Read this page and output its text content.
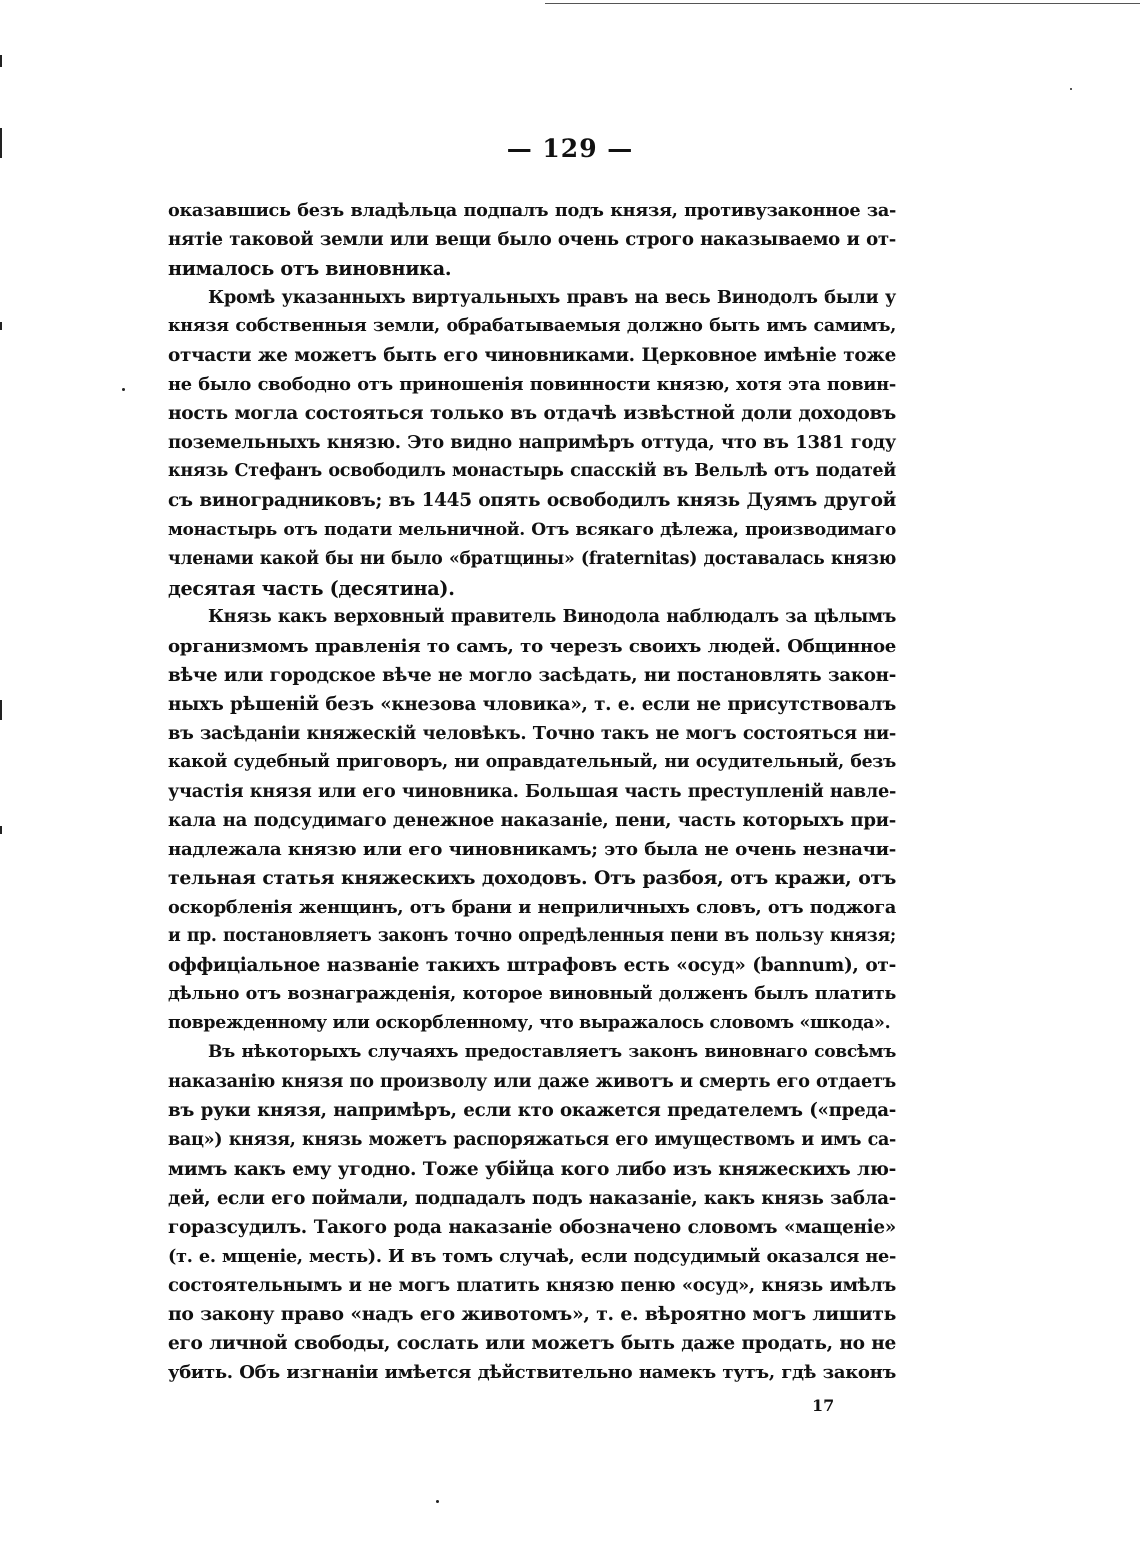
— 129 —
оказавшись безъ владѣльца подпалъ подъ князя, противузаконное за-
нятіе таковой земли или вещи было очень строго наказываемо и от-
нималось отъ виновника.
Кромѣ указанныхъ виртуальныхъ правъ на весь Винодолъ были у
князя собственныя земли, обрабатываемыя должно быть имъ самимъ,
отчасти же можетъ быть его чиновниками. Церковное имѣніе тоже
не было свободно отъ приношенія повинности князю, хотя эта повин-
ность могла состояться только въ отдачѣ извѣстной доли доходовъ
поземельныхъ князю. Это видно напримѣръ оттуда, что въ 1381 году
князь Стефанъ освободилъ монастырь спасскій въ Вельлѣ отъ податей
съ виноградниковъ; въ 1445 опять освободилъ князь Дуямъ другой
монастырь отъ подати мельничной. Отъ всякаго дѣлежа, производимаго
членами какой бы ни было «братщины» (fraternitas) доставалась князю
десятая часть (десятина).
Князь какъ верховный правитель Винодола наблюдалъ за цѣлымъ
организмомъ правленія то самъ, то черезъ своихъ людей. Общинное
вѣче или городское вѣче не могло засѣдать, ни постановлять закон-
ныхъ рѣшеній безъ «кнезова чловика», т. е. если не присутствовалъ
въ засѣданіи княжескій человѣкъ. Точно такъ не могъ состояться ни-
какой судебный приговоръ, ни оправдательный, ни осудительный, безъ
участія князя или его чиновника. Большая часть преступленій навле-
кала на подсудимаго денежное наказаніе, пени, часть которыхъ при-
надлежала князю или его чиновникамъ; это была не очень незначи-
тельная статья княжескихъ доходовъ. Отъ разбоя, отъ кражи, отъ
оскорбленія женщинъ, отъ брани и неприличныхъ словъ, отъ поджога
и пр. постановляетъ законъ точно опредѣленныя пени въ пользу князя;
оффиціальное названіе такихъ штрафовъ есть «осуд» (bannum), от-
дѣльно отъ вознагражденія, которое виновный долженъ былъ платить
поврежденному или оскорбленному, что выражалось словомъ «шкода».
Въ нѣкоторыхъ случаяхъ предоставляетъ законъ виновнаго совсѣмъ
наказанію князя по произволу или даже животъ и смерть его отдаетъ
въ руки князя, напримѣръ, если кто окажется предателемъ («преда-
вац») князя, князь можетъ распоряжаться его имуществомъ и имъ са-
мимъ какъ ему угодно. Тоже убійца кого либо изъ княжескихъ лю-
дей, если его поймали, подпадалъ подъ наказаніе, какъ князь забла-
горазсудилъ. Такого рода наказаніе обозначено словомъ «мащеніе»
(т. е. мщеніе, месть). И въ томъ случаѣ, если подсудимый оказался не-
состоятельнымъ и не могъ платить князю пеню «осуд», князь имѣлъ
по закону право «надъ его животомъ», т. е. вѣроятно могъ лишить
его личной свободы, сослать или можетъ быть даже продать, но не
убить. Объ изгнаніи имѣется дѣйствительно намекъ тутъ, гдѣ законъ
17
